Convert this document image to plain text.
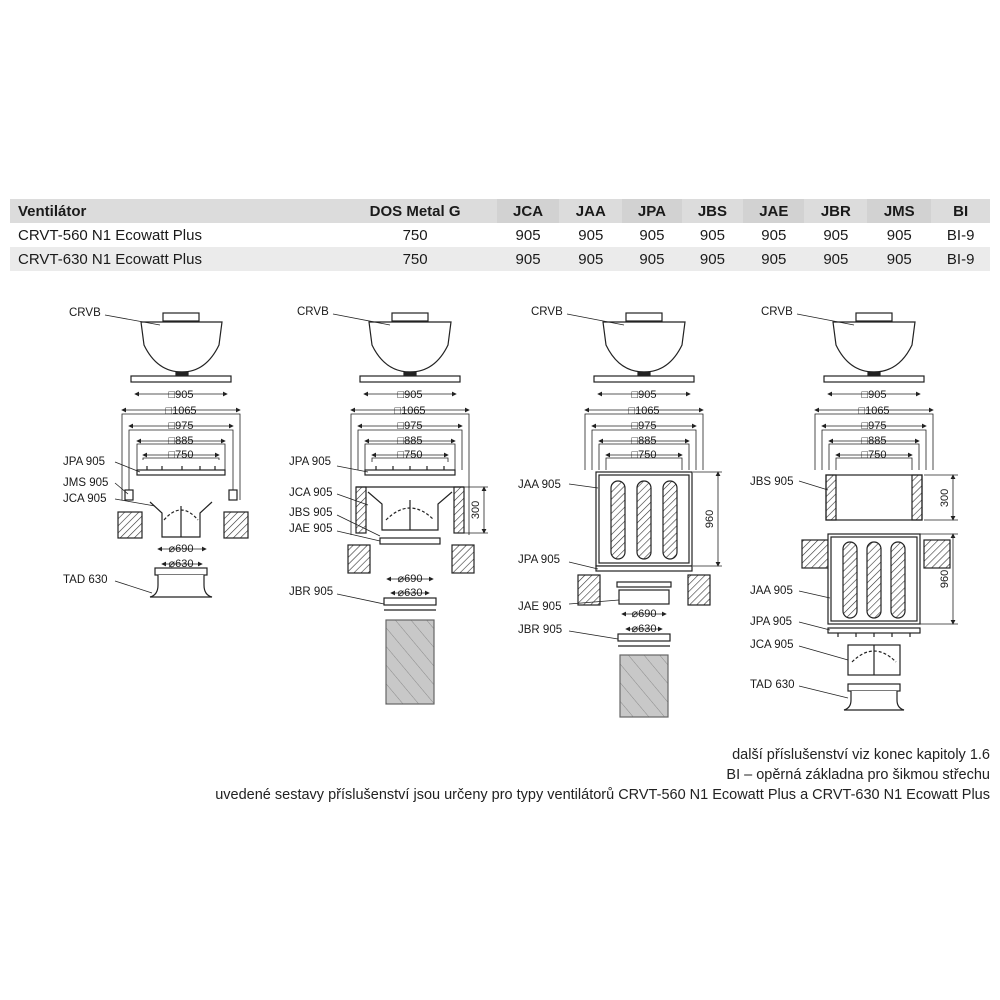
Ventilátor	DOS Metal G	JCA	JAA	JPA	JBS	JAE	JBR	JMS	BI
CRVT-560 N1 Ecowatt Plus	750	905	905	905	905	905	905	905	BI-9
CRVT-630 N1 Ecowatt Plus	750	905	905	905	905	905	905	905	BI-9
CRVB
JPA 905
JMS 905
JCA 905
TAD 630
□905
□1065
□975
□885
□750
⌀690
⌀630
CRVB
JPA 905
JCA 905
JBS 905
JAE 905
JBR 905
□905
□1065
□975
□885
□750
300
⌀690
⌀630
CRVB
JAA 905
JPA 905
JAE 905
JBR 905
□905
□1065
□975
□885
□750
960
⌀690
⌀630
CRVB
JBS 905
JAA 905
JPA 905
JCA 905
TAD 630
□905
□1065
□975
□885
□750
300
960
další příslušenství viz konec kapitoly 1.6
BI – opěrná základna pro šikmou střechu
uvedené sestavy příslušenství jsou určeny pro typy ventilátorů CRVT-560 N1 Ecowatt Plus a CRVT-630 N1 Ecowatt Plus
